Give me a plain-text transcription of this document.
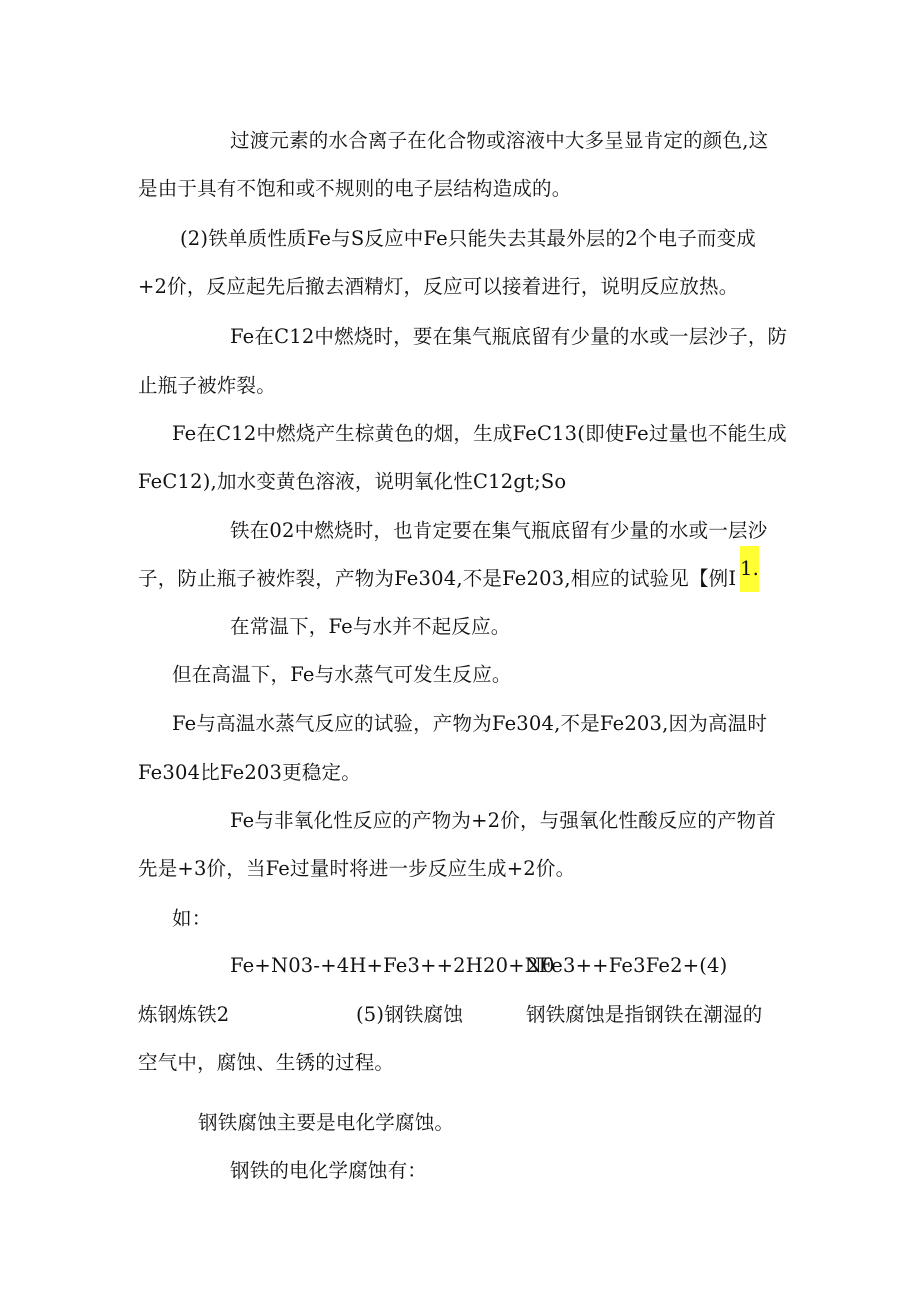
过渡元素的水合离子在化合物或溶液中大多呈显肯定的颜色,这
是由于具有不饱和或不规则的电子层结构造成的。
(2)铁单质性质Fe与S反应中Fe只能失去其最外层的2个电子而变成
+2价，反应起先后撤去酒精灯，反应可以接着进行，说明反应放热。
Fe在C12中燃烧时，要在集气瓶底留有少量的水或一层沙子，防
止瓶子被炸裂。
Fe在C12中燃烧产生棕黄色的烟，生成FeC13(即使Fe过量也不能生成
FeC12),加水变黄色溶液，说明氧化性C12gt;So
铁在02中燃烧时，也肯定要在集气瓶底留有少量的水或一层沙
子，防止瓶子被炸裂，产物为Fe304,不是Fe203,相应的试验见【例I 1.
在常温下，Fe与水并不起反应。
但在高温下，Fe与水蒸气可发生反应。
Fe与高温水蒸气反应的试验，产物为Fe304,不是Fe203,因为高温时
Fe304比Fe203更稳定。
Fe与非氧化性反应的产物为+2价，与强氧化性酸反应的产物首
先是+3价，当Fe过量时将进一步反应生成+2价。
如：
Fe+N03-+4H+Fe3++2H20+N0
2Fe3++Fe3Fe2+(4)
炼钢炼铁2	(5)钢铁腐蚀	钢铁腐蚀是指钢铁在潮湿的
空气中，腐蚀、生锈的过程。
钢铁腐蚀主要是电化学腐蚀。
钢铁的电化学腐蚀有：
